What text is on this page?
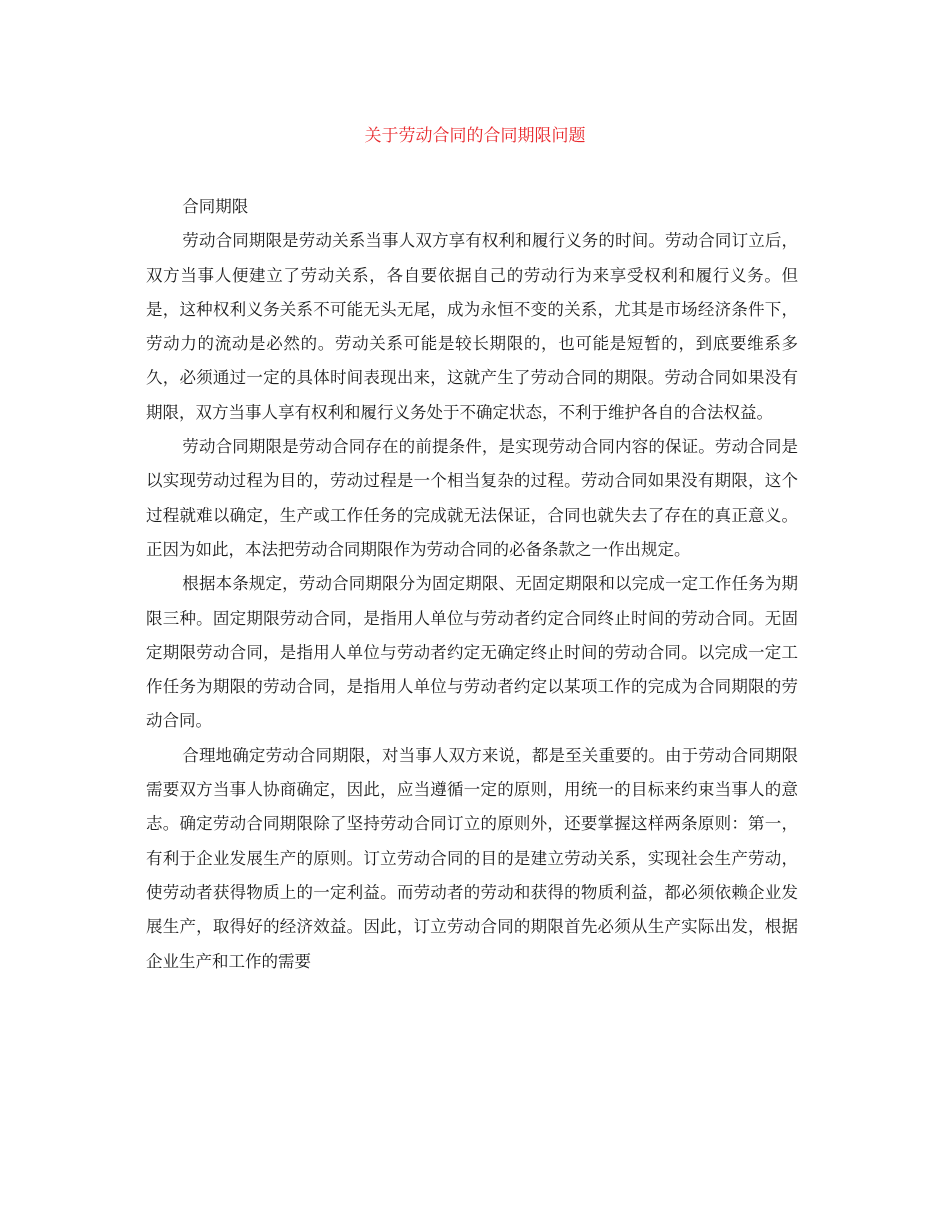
关于劳动合同的合同期限问题

合同期限

劳动合同期限是劳动关系当事人双方享有权利和履行义务的时间。劳动合同订立后，双方当事人便建立了劳动关系，各自要依据自己的劳动行为来享受权利和履行义务。但是，这种权利义务关系不可能无头无尾，成为永恒不变的关系，尤其是市场经济条件下，劳动力的流动是必然的。劳动关系可能是较长期限的，也可能是短暂的，到底要维系多久，必须通过一定的具体时间表现出来，这就产生了劳动合同的期限。劳动合同如果没有期限，双方当事人享有权利和履行义务处于不确定状态，不利于维护各自的合法权益。

劳动合同期限是劳动合同存在的前提条件，是实现劳动合同内容的保证。劳动合同是以实现劳动过程为目的，劳动过程是一个相当复杂的过程。劳动合同如果没有期限，这个过程就难以确定，生产或工作任务的完成就无法保证，合同也就失去了存在的真正意义。正因为如此，本法把劳动合同期限作为劳动合同的必备条款之一作出规定。

根据本条规定，劳动合同期限分为固定期限、无固定期限和以完成一定工作任务为期限三种。固定期限劳动合同，是指用人单位与劳动者约定合同终止时间的劳动合同。无固定期限劳动合同，是指用人单位与劳动者约定无确定终止时间的劳动合同。以完成一定工作任务为期限的劳动合同，是指用人单位与劳动者约定以某项工作的完成为合同期限的劳动合同。

合理地确定劳动合同期限，对当事人双方来说，都是至关重要的。由于劳动合同期限需要双方当事人协商确定，因此，应当遵循一定的原则，用统一的目标来约束当事人的意志。确定劳动合同期限除了坚持劳动合同订立的原则外，还要掌握这样两条原则：第一，有利于企业发展生产的原则。订立劳动合同的目的是建立劳动关系，实现社会生产劳动，使劳动者获得物质上的一定利益。而劳动者的劳动和获得的物质利益，都必须依赖企业发展生产，取得好的经济效益。因此，订立劳动合同的期限首先必须从生产实际出发，根据企业生产和工作的需要
